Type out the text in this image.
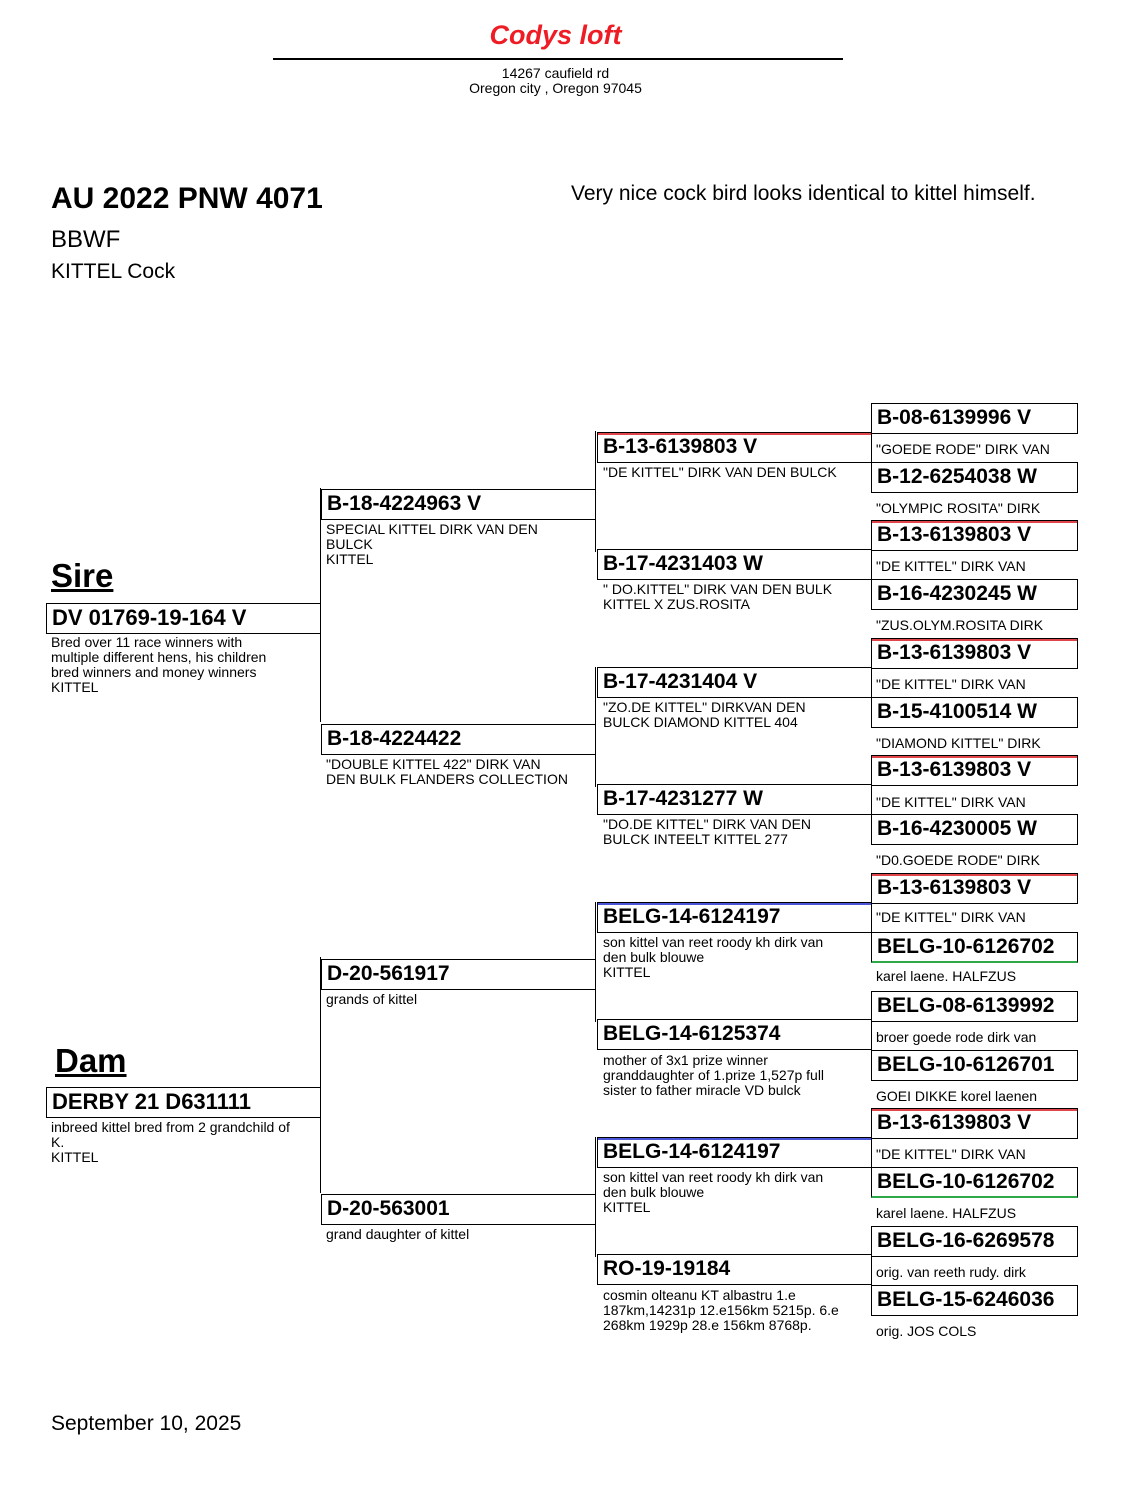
Codys loft
14267 caufield rd
Oregon city , Oregon 97045
AU 2022 PNW 4071
BBWF
KITTEL Cock
Very nice cock bird looks identical to kittel himself.
Sire
Dam
DV 01769-19-164 V
Bred over 11 race winners with
multiple different hens, his children
bred winners and money winners
KITTEL
DERBY 21 D631111
inbreed kittel bred from 2 grandchild of
K.
KITTEL
B-18-4224963 V
SPECIAL KITTEL DIRK VAN DEN
BULCK
KITTEL
B-18-4224422
"DOUBLE KITTEL 422" DIRK VAN
DEN BULK FLANDERS COLLECTION
D-20-561917
grands of kittel
D-20-563001
grand daughter of kittel
B-13-6139803 V
"DE KITTEL" DIRK VAN DEN BULCK
B-17-4231403 W
" DO.KITTEL" DIRK VAN DEN BULK
KITTEL X ZUS.ROSITA
B-17-4231404 V
"ZO.DE KITTEL" DIRKVAN DEN
BULCK DIAMOND KITTEL 404
B-17-4231277 W
"DO.DE KITTEL" DIRK VAN DEN
BULCK INTEELT KITTEL 277
BELG-14-6124197
son kittel van reet roody kh dirk van
den bulk blouwe
KITTEL
BELG-14-6125374
mother of 3x1 prize winner
granddaughter of 1.prize 1,527p full
sister to father miracle VD bulck
BELG-14-6124197
son kittel van reet roody kh dirk van
den bulk blouwe
KITTEL
RO-19-19184
cosmin olteanu KT albastru 1.e
187km,14231p 12.e156km 5215p. 6.e
268km 1929p 28.e 156km 8768p.
B-08-6139996 V
"GOEDE RODE" DIRK VAN
B-12-6254038 W
"OLYMPIC ROSITA" DIRK
B-13-6139803 V
"DE KITTEL" DIRK VAN
B-16-4230245 W
"ZUS.OLYM.ROSITA DIRK
B-13-6139803 V
"DE KITTEL" DIRK VAN
B-15-4100514 W
"DIAMOND KITTEL" DIRK
B-13-6139803 V
"DE KITTEL" DIRK VAN
B-16-4230005 W
"D0.GOEDE RODE" DIRK
B-13-6139803 V
"DE KITTEL" DIRK VAN
BELG-10-6126702
karel laene. HALFZUS
BELG-08-6139992
broer goede rode dirk van
BELG-10-6126701
GOEI DIKKE korel laenen
B-13-6139803 V
"DE KITTEL" DIRK VAN
BELG-10-6126702
karel laene. HALFZUS
BELG-16-6269578
orig. van reeth rudy. dirk
BELG-15-6246036
orig. JOS COLS
September 10, 2025
